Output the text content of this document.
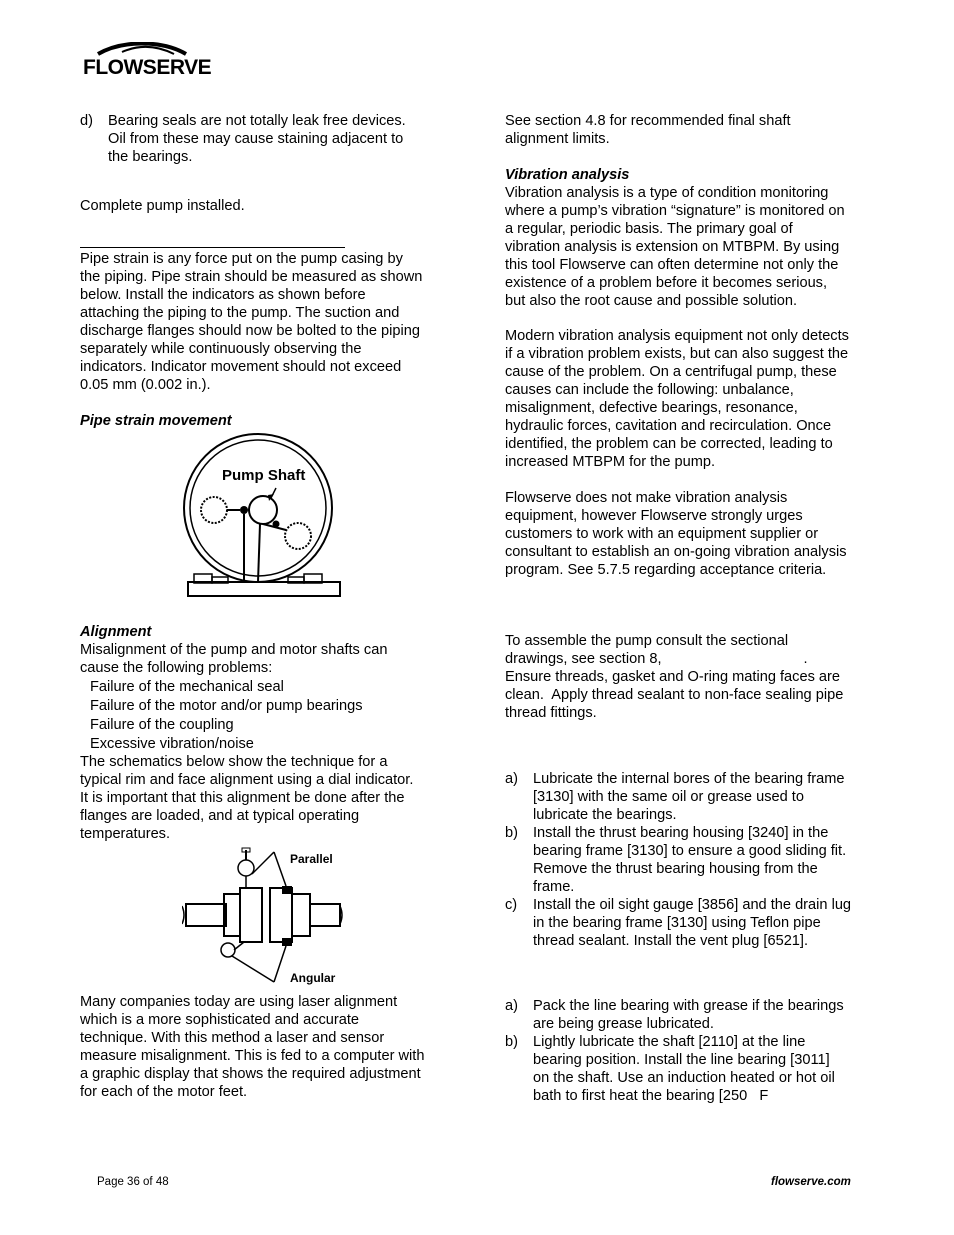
FLOWSERVE
d) Bearing seals are not totally leak free devices.
Oil from these may cause staining adjacent to
the bearings.
Complete pump installed.
Pipe strain is any force put on the pump casing by
the piping. Pipe strain should be measured as shown
below. Install the indicators as shown before
attaching the piping to the pump. The suction and
discharge flanges should now be bolted to the piping
separately while continuously observing the
indicators. Indicator movement should not exceed
0.05 mm (0.002 in.).
Pipe strain movement
Pump Shaft
Alignment
Misalignment of the pump and motor shafts can
cause the following problems:
Failure of the mechanical seal
Failure of the motor and/or pump bearings
Failure of the coupling
Excessive vibration/noise
The schematics below show the technique for a
typical rim and face alignment using a dial indicator.
It is important that this alignment be done after the
flanges are loaded, and at typical operating
temperatures.
Parallel
Angular
Many companies today are using laser alignment
which is a more sophisticated and accurate
technique. With this method a laser and sensor
measure misalignment. This is fed to a computer with
a graphic display that shows the required adjustment
for each of the motor feet.
See section 4.8 for recommended final shaft
alignment limits.
Vibration analysis
Vibration analysis is a type of condition monitoring
where a pump’s vibration “signature” is monitored on
a regular, periodic basis. The primary goal of
vibration analysis is extension on MTBPM. By using
this tool Flowserve can often determine not only the
existence of a problem before it becomes serious,
but also the root cause and possible solution.
Modern vibration analysis equipment not only detects
if a vibration problem exists, but can also suggest the
cause of the problem. On a centrifugal pump, these
causes can include the following: unbalance,
misalignment, defective bearings, resonance,
hydraulic forces, cavitation and recirculation. Once
identified, the problem can be corrected, leading to
increased MTBPM for the pump.
Flowserve does not make vibration analysis
equipment, however Flowserve strongly urges
customers to work with an equipment supplier or
consultant to establish an on-going vibration analysis
program. See 5.7.5 regarding acceptance criteria.
To assemble the pump consult the sectional
drawings, see section 8,                                   .
Ensure threads, gasket and O-ring mating faces are
clean.  Apply thread sealant to non-face sealing pipe
thread fittings.
a) Lubricate the internal bores of the bearing frame
[3130] with the same oil or grease used to
lubricate the bearings.
b) Install the thrust bearing housing [3240] in the
bearing frame [3130] to ensure a good sliding fit.
Remove the thrust bearing housing from the
frame.
c) Install the oil sight gauge [3856] and the drain lug
in the bearing frame [3130] using Teflon pipe
thread sealant. Install the vent plug [6521].
a) Pack the line bearing with grease if the bearings
are being grease lubricated.
b) Lightly lubricate the shaft [2110] at the line
bearing position. Install the line bearing [3011]
on the shaft. Use an induction heated or hot oil
bath to first heat the bearing [250   F
Page 36 of 48	flowserve.com
